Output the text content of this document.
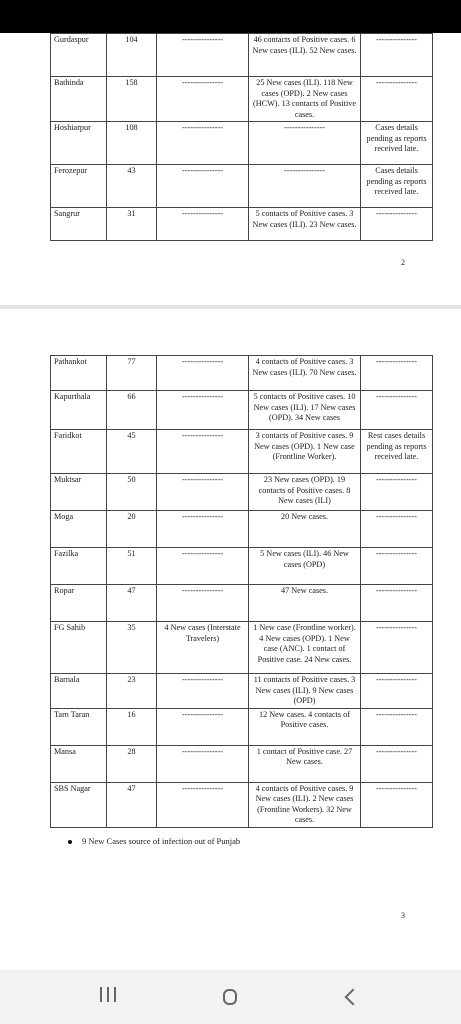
Gurdaspur	104	---------------	46 contacts of Positive cases. 6 New cases (ILI). 52 New cases.	---------------
Bathinda	158	---------------	25 New cases (ILI). 118 New cases (OPD). 2 New cases (HCW). 13 contacts of Positive cases.	---------------
Hoshiarpur	108	---------------	---------------	Cases details pending as reports received late.
Ferozepur	43	---------------	---------------	Cases details pending as reports received late.
Sangrur	31	---------------	5 contacts of Positive cases. 3 New cases (ILI). 23 New cases.	---------------
2
Pathankot	77	---------------	4 contacts of Positive cases. 3 New cases (ILI). 70 New cases.	---------------
Kapurthala	66	---------------	5 contacts of Positive cases. 10 New cases (ILI). 17 New cases (OPD). 34 New cases	---------------
Faridkot	45	---------------	3 contacts of Positive cases. 9 New cases (OPD). 1 New case (Frontline Worker).	Rest cases details pending as reports received late.
Muktsar	50	---------------	23 New cases (OPD). 19 contacts of Positive cases. 8 New cases (ILI)	---------------
Moga	20	---------------	20 New cases.	---------------
Fazilka	51	---------------	5 New cases (ILI). 46 New cases (OPD)	---------------
Ropar	47	---------------	47 New cases.	---------------
FG Sahib	35	4 New cases (Interstate Travelers)	1 New case (Frontline worker). 4 New cases (OPD). 1 New case (ANC). 1 contact of Positive case. 24 New cases.	---------------
Barnala	23	---------------	11 contacts of Positive cases. 3 New cases (ILI). 9 New cases (OPD)	---------------
Tarn Taran	16	---------------	12 New cases. 4 contacts of Positive cases.	---------------
Mansa	28	---------------	1 contact of Positive case. 27 New cases.	---------------
SBS Nagar	47	---------------	4 contacts of Positive cases. 9 New cases (ILI). 2 New cases (Frontline Workers). 32 New cases.	---------------
9 New Cases source of infection out of Punjab
3
